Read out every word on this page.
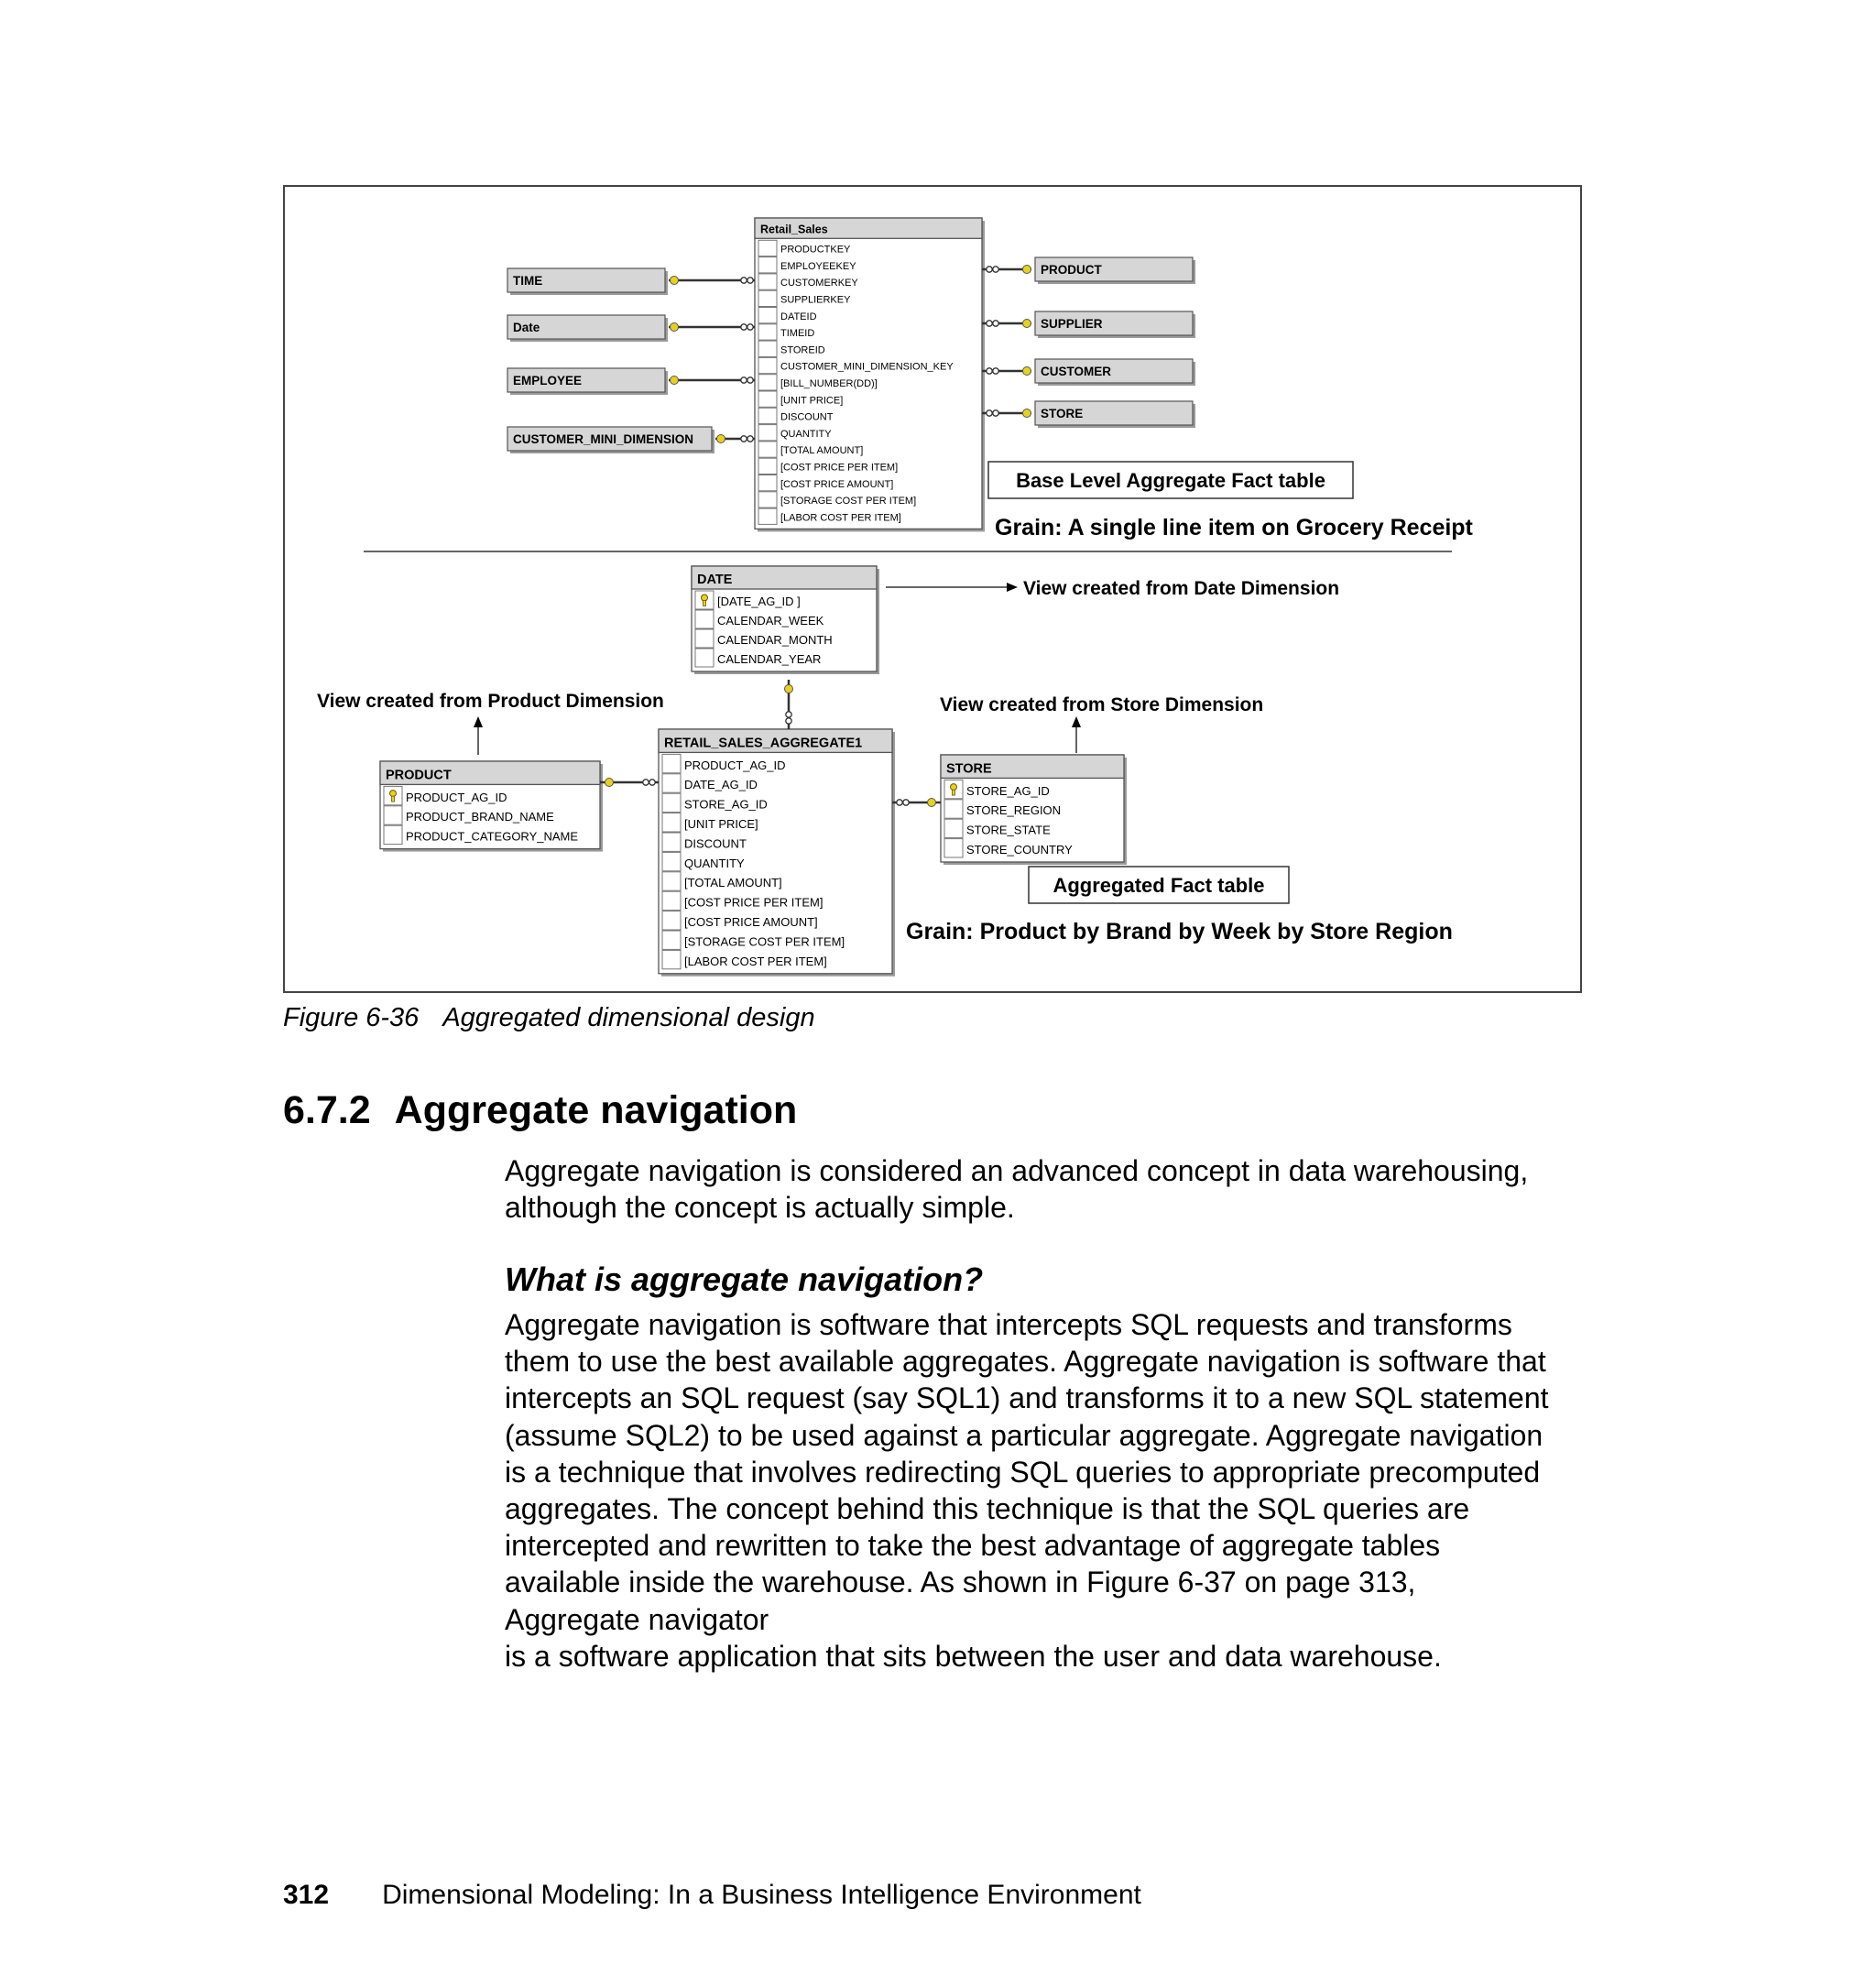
Retail_Sales
PRODUCTKEY
EMPLOYEEKEY
CUSTOMERKEY
SUPPLIERKEY
DATEID
TIMEID
STOREID
CUSTOMER_MINI_DIMENSION_KEY
[BILL_NUMBER(DD)]
[UNIT PRICE]
DISCOUNT
QUANTITY
[TOTAL AMOUNT]
[COST PRICE PER ITEM]
[COST PRICE AMOUNT]
[STORAGE COST PER ITEM]
[LABOR COST PER ITEM]
TIME
Date
EMPLOYEE
CUSTOMER_MINI_DIMENSION
PRODUCT
SUPPLIER
CUSTOMER
STORE
Base Level Aggregate Fact table
Grain: A single line item on Grocery Receipt
DATE
[DATE_AG_ID ]
CALENDAR_WEEK
CALENDAR_MONTH
CALENDAR_YEAR
View created from Date Dimension
RETAIL_SALES_AGGREGATE1
PRODUCT_AG_ID
DATE_AG_ID
STORE_AG_ID
[UNIT PRICE]
DISCOUNT
QUANTITY
[TOTAL AMOUNT]
[COST PRICE PER ITEM]
[COST PRICE AMOUNT]
[STORAGE COST PER ITEM]
[LABOR COST PER ITEM]
View created from Product Dimension
PRODUCT
PRODUCT_AG_ID
PRODUCT_BRAND_NAME
PRODUCT_CATEGORY_NAME
View created from Store Dimension
STORE
STORE_AG_ID
STORE_REGION
STORE_STATE
STORE_COUNTRY
Aggregated Fact table
Grain: Product by Brand by Week by Store Region
Figure 6-36 Aggregated dimensional design
6.7.2 Aggregate navigation

Aggregate navigation is considered an advanced concept in data warehousing, although the concept is actually simple.

What is aggregate navigation?
Aggregate navigation is software that intercepts SQL requests and transforms
them to use the best available aggregates. Aggregate navigation is software that
intercepts an SQL request (say SQL1) and transforms it to a new SQL statement
(assume SQL2) to be used against a particular aggregate. Aggregate navigation
is a technique that involves redirecting SQL queries to appropriate precomputed
aggregates. The concept behind this technique is that the SQL queries are
intercepted and rewritten to take the best advantage of aggregate tables
available inside the warehouse. As shown in Figure 6-37 on page 313,
Aggregate navigator
is a software application that sits between the user and data warehouse.
312 Dimensional Modeling: In a Business Intelligence Environment
